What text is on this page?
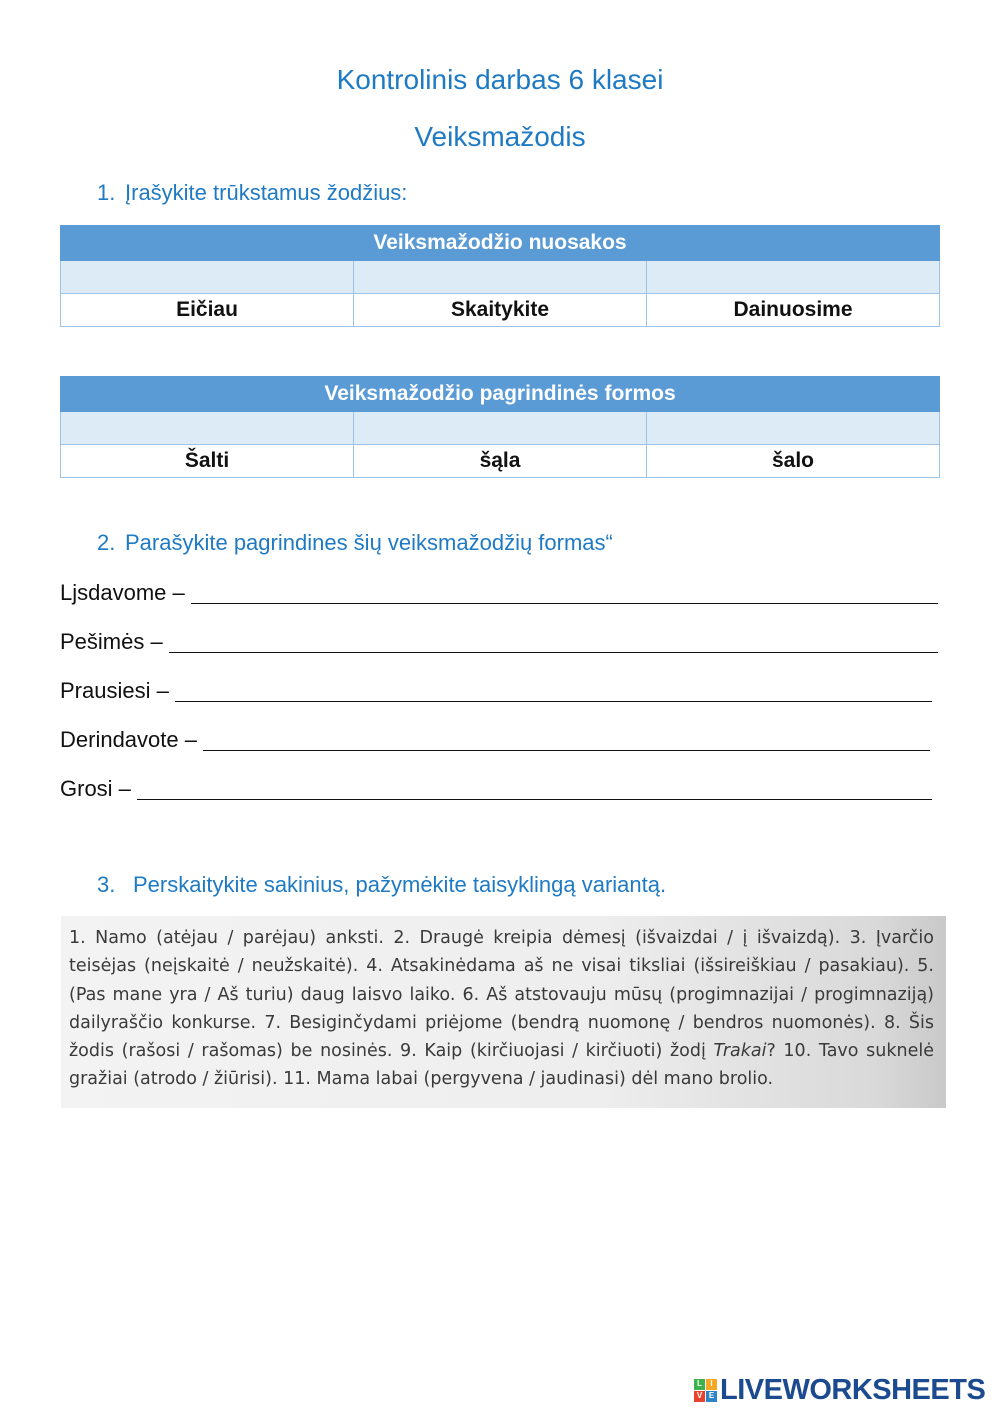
Kontrolinis darbas 6 klasei
Veiksmažodis

1. Įrašykite trūkstamus žodžius:

Veiksmažodžio nuosakos		

Eičiau	Skaitykite	Dainuosime
Veiksmažodžio pagrindinės formos		

Šalti	šąla	šalo

2. Parašykite pagrindines šių veiksmažodžių formas“

Ljsdavome –
Pešimės –
Prausiesi –
Derindavote –
Grosi –

3. Perskaitykite sakinius, pažymėkite taisyklingą variantą.

1. Namo (atėjau / parėjau) anksti. 2. Draugė kreipia dėmesį (išvaizdai / į išvaizdą). 3. Įvarčio teisėjas (neįskaitė / neužskaitė). 4. Atsakinėdama aš ne visai tiksliai (išsireiškiau / pasakiau). 5. (Pas mane yra / Aš turiu) daug laisvo laiko. 6. Aš atstovauju mūsų (progimnazijai / progimnaziją) dailyraščio konkurse. 7. Besiginčydami priėjome (bendrą nuomonę / bendros nuomonės). 8. Šis žodis (rašosi / rašomas) be nosinės. 9. Kaip (kirčiuojasi / kirčiuoti) žodį Trakai? 10. Tavo suknelė gražiai (atrodo / žiūrisi). 11. Mama labai (pergyvena / jaudinasi) dėl mano brolio.

L	I
V E LIVEWORKSHEETS
